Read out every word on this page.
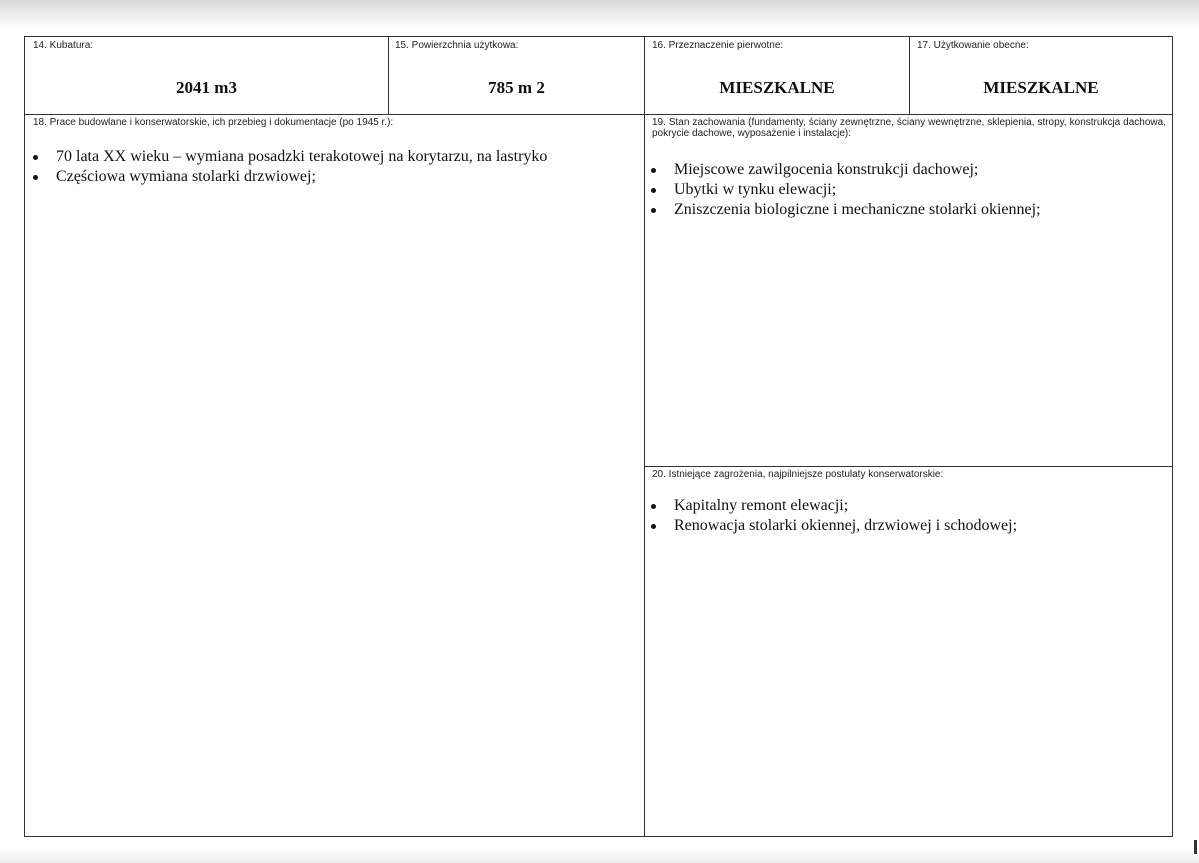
14. Kubatura:
2041 m3
15. Powierzchnia użytkowa:
785 m 2
16. Przeznaczenie pierwotne:
MIESZKALNE
17. Użytkowanie obecne:
MIESZKALNE
18. Prace budowlane i konserwatorskie, ich przebieg i dokumentacje (po 1945 r.):
70 lata XX wieku – wymiana posadzki terakotowej na korytarzu, na lastryko
Częściowa wymiana stolarki drzwiowej;
19. Stan zachowania (fundamenty, ściany zewnętrzne, ściany wewnętrzne, sklepienia, stropy, konstrukcja dachowa, pokrycie dachowe, wyposażenie i instalacje):
Miejscowe zawilgocenia konstrukcji dachowej;
Ubytki w tynku elewacji;
Zniszczenia biologiczne i mechaniczne stolarki okiennej;
20. Istniejące zagrożenia, najpilniejsze postulaty konserwatorskie:
Kapitalny remont elewacji;
Renowacja stolarki okiennej, drzwiowej i schodowej;
